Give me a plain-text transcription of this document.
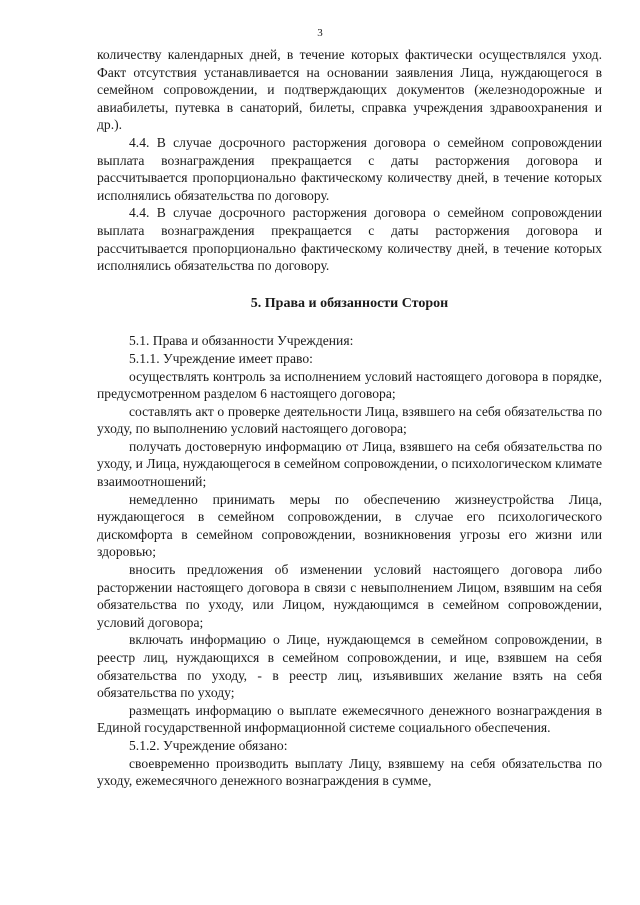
3

количеству календарных дней, в течение которых фактически осуществлялся уход. Факт отсутствия устанавливается на основании заявления Лица, нуждающегося в семейном сопровождении, и подтверждающих документов (железнодорожные и авиабилеты, путевка в санаторий, билеты, справка учреждения здравоохранения и др.).

4.4. В случае досрочного расторжения договора о семейном сопровождении выплата вознаграждения прекращается с даты расторжения договора и рассчитывается пропорционально фактическому количеству дней, в течение которых исполнялись обязательства по договору.

4.4. В случае досрочного расторжения договора о семейном сопровождении выплата вознаграждения прекращается с даты расторжения договора и рассчитывается пропорционально фактическому количеству дней, в течение которых исполнялись обязательства по договору.

5. Права и обязанности Сторон

5.1. Права и обязанности Учреждения:

5.1.1. Учреждение имеет право:

осуществлять контроль за исполнением условий настоящего договора в порядке, предусмотренном разделом 6 настоящего договора;

составлять акт о проверке деятельности Лица, взявшего на себя обязательства по уходу, по выполнению условий настоящего договора;

получать достоверную информацию от Лица, взявшего на себя обязательства по уходу, и Лица, нуждающегося в семейном сопровождении, о психологическом климате взаимоотношений;

немедленно принимать меры по обеспечению жизнеустройства Лица, нуждающегося в семейном сопровождении, в случае его психологического дискомфорта в семейном сопровождении, возникновения угрозы его жизни или здоровью;

вносить предложения об изменении условий настоящего договора либо расторжении настоящего договора в связи с невыполнением Лицом, взявшим на себя обязательства по уходу, или Лицом, нуждающимся в семейном сопровождении, условий договора;

включать информацию о Лице, нуждающемся в семейном сопровождении, в реестр лиц, нуждающихся в семейном сопровождении, и ице, взявшем на себя обязательства по уходу, - в реестр лиц, изъявивших желание взять на себя обязательства по уходу;

размещать информацию о выплате ежемесячного денежного вознаграждения в Единой государственной информационной системе социального обеспечения.

5.1.2. Учреждение обязано:

своевременно производить выплату Лицу, взявшему на себя обязательства по уходу, ежемесячного денежного вознаграждения в сумме,
